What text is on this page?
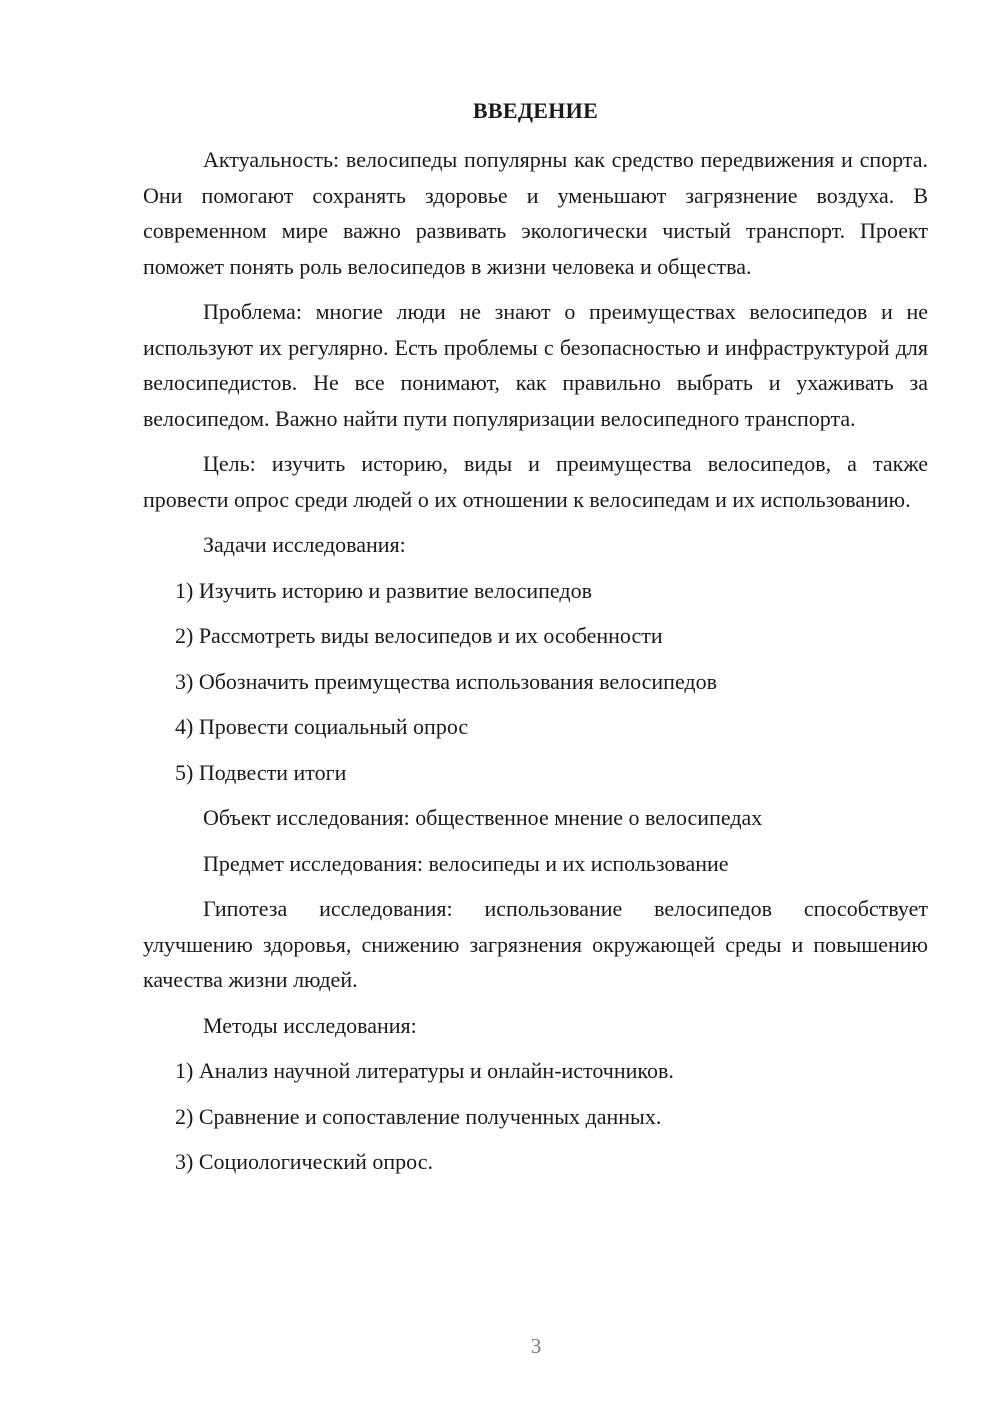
ВВЕДЕНИЕ

Актуальность: велосипеды популярны как средство передвижения и спорта. Они помогают сохранять здоровье и уменьшают загрязнение воздуха. В современном мире важно развивать экологически чистый транспорт. Проект поможет понять роль велосипедов в жизни человека и общества.

Проблема: многие люди не знают о преимуществах велосипедов и не используют их регулярно. Есть проблемы с безопасностью и инфраструктурой для велосипедистов. Не все понимают, как правильно выбрать и ухаживать за велосипедом. Важно найти пути популяризации велосипедного транспорта.

Цель: изучить историю, виды и преимущества велосипедов, а также провести опрос среди людей о их отношении к велосипедам и их использованию.

Задачи исследования:

1) Изучить историю и развитие велосипедов

2) Рассмотреть виды велосипедов и их особенности

3) Обозначить преимущества использования велосипедов

4) Провести социальный опрос

5) Подвести итоги

Объект исследования: общественное мнение о велосипедах

Предмет исследования: велосипеды и их использование

Гипотеза исследования: использование велосипедов способствует улучшению здоровья, снижению загрязнения окружающей среды и повышению качества жизни людей.

Методы исследования:

1) Анализ научной литературы и онлайн-источников.

2) Сравнение и сопоставление полученных данных.

3) Социологический опрос.

3
